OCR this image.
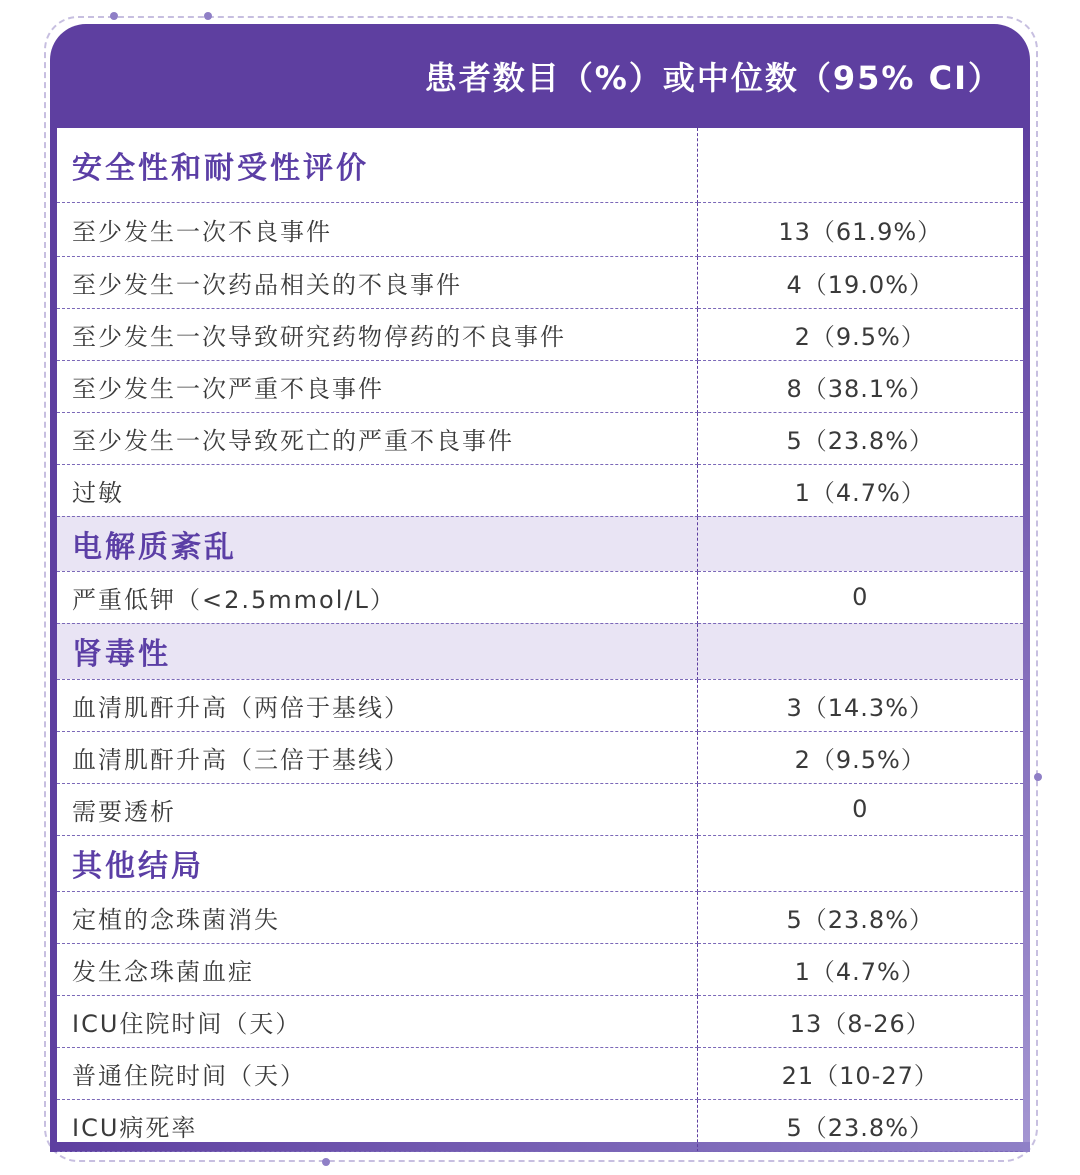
患者数目（%）或中位数（95% CI）
安全性和耐受性评价	
至少发生一次不良事件	13（61.9%）
至少发生一次药品相关的不良事件	4（19.0%）
至少发生一次导致研究药物停药的不良事件	2（9.5%）
至少发生一次严重不良事件	8（38.1%）
至少发生一次导致死亡的严重不良事件	5（23.8%）
过敏	1（4.7%）
电解质紊乱	
严重低钾（<2.5mmol/L）	0
肾毒性	
血清肌酐升高（两倍于基线）	3（14.3%）
血清肌酐升高（三倍于基线）	2（9.5%）
需要透析	0
其他结局	
定植的念珠菌消失	5（23.8%）
发生念珠菌血症	1（4.7%）
ICU住院时间（天）	13（8-26）
普通住院时间（天）	21（10-27）
ICU病死率	5（23.8%）
